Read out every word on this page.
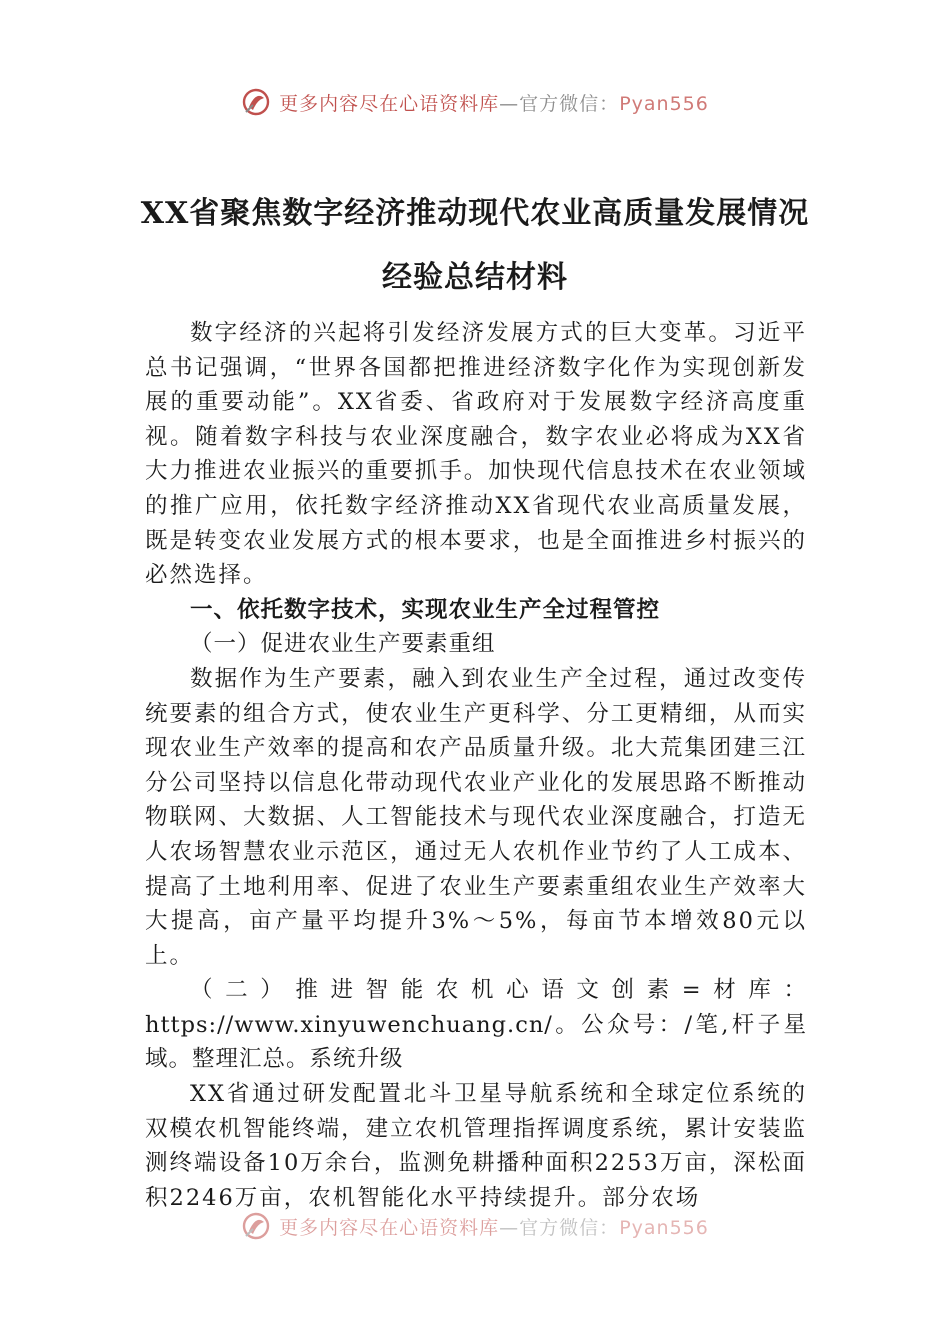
更多内容尽在心语资料库—官方微信：Pyan556
XX省聚焦数字经济推动现代农业高质量发展情况经验总结材料

数字经济的兴起将引发经济发展方式的巨大变革。习近平总书记强调，“世界各国都把推进经济数字化作为实现创新发展的重要动能”。XX省委、省政府对于发展数字经济高度重视。随着数字科技与农业深度融合，数字农业必将成为XX省大力推进农业振兴的重要抓手。加快现代信息技术在农业领域的推广应用，依托数字经济推动XX省现代农业高质量发展，既是转变农业发展方式的根本要求，也是全面推进乡村振兴的必然选择。

一、依托数字技术，实现农业生产全过程管控

（一）促进农业生产要素重组

数据作为生产要素，融入到农业生产全过程，通过改变传统要素的组合方式，使农业生产更科学、分工更精细，从而实现农业生产效率的提高和农产品质量升级。北大荒集团建三江分公司坚持以信息化带动现代农业产业化的发展思路不断推动物联网、大数据、人工智能技术与现代农业深度融合，打造无人农场智慧农业示范区，通过无人农机作业节约了人工成本、提高了土地利用率、促进了农业生产要素重组农业生产效率大大提高，亩产量平均提升3%～5%，每亩节本增效80元以上。

（二）推进智能农机心语文创素=材库：https://www.xinyuwenchuang.cn/。公众号：/笔,杆子星域。整理汇总。系统升级

XX省通过研发配置北斗卫星导航系统和全球定位系统的双模农机智能终端，建立农机管理指挥调度系统，累计安装监测终端设备10万余台，监测免耕播种面积2253万亩，深松面积2246万亩，农机智能化水平持续提升。部分农场

更多内容尽在心语资料库—官方微信：Pyan556
